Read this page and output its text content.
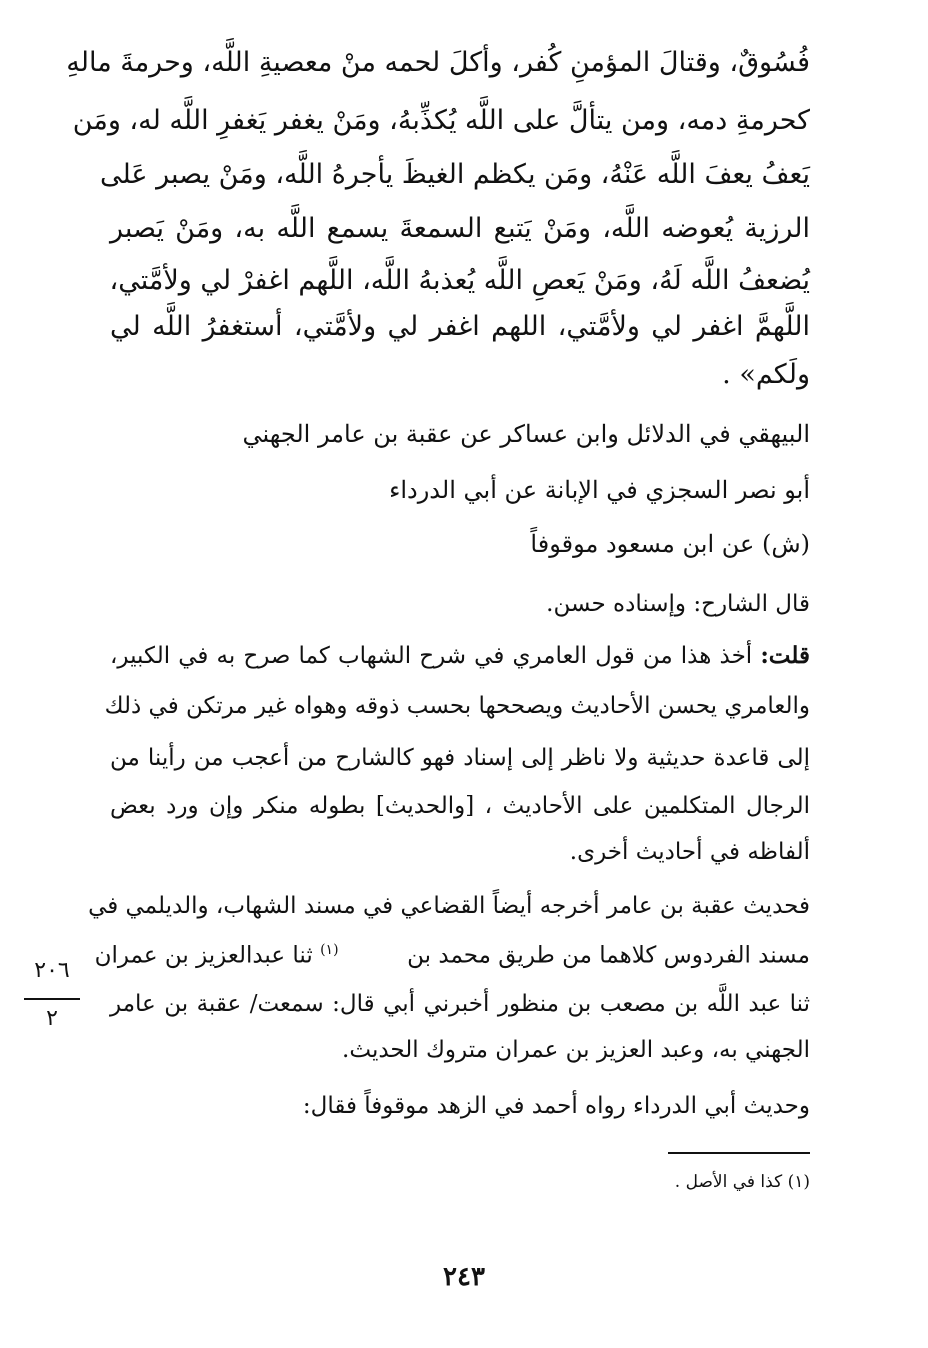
فُسُوقٌ، وقتالَ المؤمنِ كُفر، وأكلَ لحمه منْ معصيةِ اللَّه، وحرمةَ مالهِ
كحرمةِ دمه، ومن يتألَّ على اللَّه يُكذِّبهُ، ومَنْ يغفر يَغفرِ اللَّه له، ومَن
يَعفُ يعفَ اللَّه عَنْهُ، ومَن يكظم الغيظَ يأجرهُ اللَّه، ومَنْ يصبر عَلى
الرزية يُعوضه اللَّه، ومَنْ يَتبع السمعةَ يسمع اللَّه به، ومَنْ يَصبر
يُضعفُ اللَّه لَهُ، ومَنْ يَعصِ اللَّه يُعذبهُ اللَّه، اللَّهم اغفرْ لي ولأمَّتي،
اللَّهمَّ اغفر لي ولأمَّتي، اللهم اغفر لي ولأمَّتي، أستغفرُ اللَّه لي
ولَكم» .
البيهقي في الدلائل وابن عساكر عن عقبة بن عامر الجهني
أبو نصر السجزي في الإبانة عن أبي الدرداء
(ش) عن ابن مسعود موقوفاً
قال الشارح: وإسناده حسن.
قلت: أخذ هذا من قول العامري في شرح الشهاب كما صرح به في الكبير،
والعامري يحسن الأحاديث ويصححها بحسب ذوقه وهواه غير مرتكن في ذلك
إلى قاعدة حديثية ولا ناظر إلى إسناد فهو كالشارح من أعجب من رأينا من
الرجال المتكلمين على الأحاديث ، [والحديث] بطوله منكر وإن ورد بعض
ألفاظه في أحاديث أخرى.
فحديث عقبة بن عامر أخرجه أيضاً القضاعي في مسند الشهاب، والديلمي في
مسند الفردوس كلاهما من طريق محمد بن  $^{(١)}$ ثنا عبدالعزيز بن عمران
ثنا عبد اللَّه بن مصعب بن منظور أخبرني أبي قال: سمعت/ عقبة بن عامر
الجهني به، وعبد العزيز بن عمران متروك الحديث.
وحديث أبي الدرداء رواه أحمد في الزهد موقوفاً فقال:
٢٠٦
٢
(١) كذا في الأصل .
٢٤٣
